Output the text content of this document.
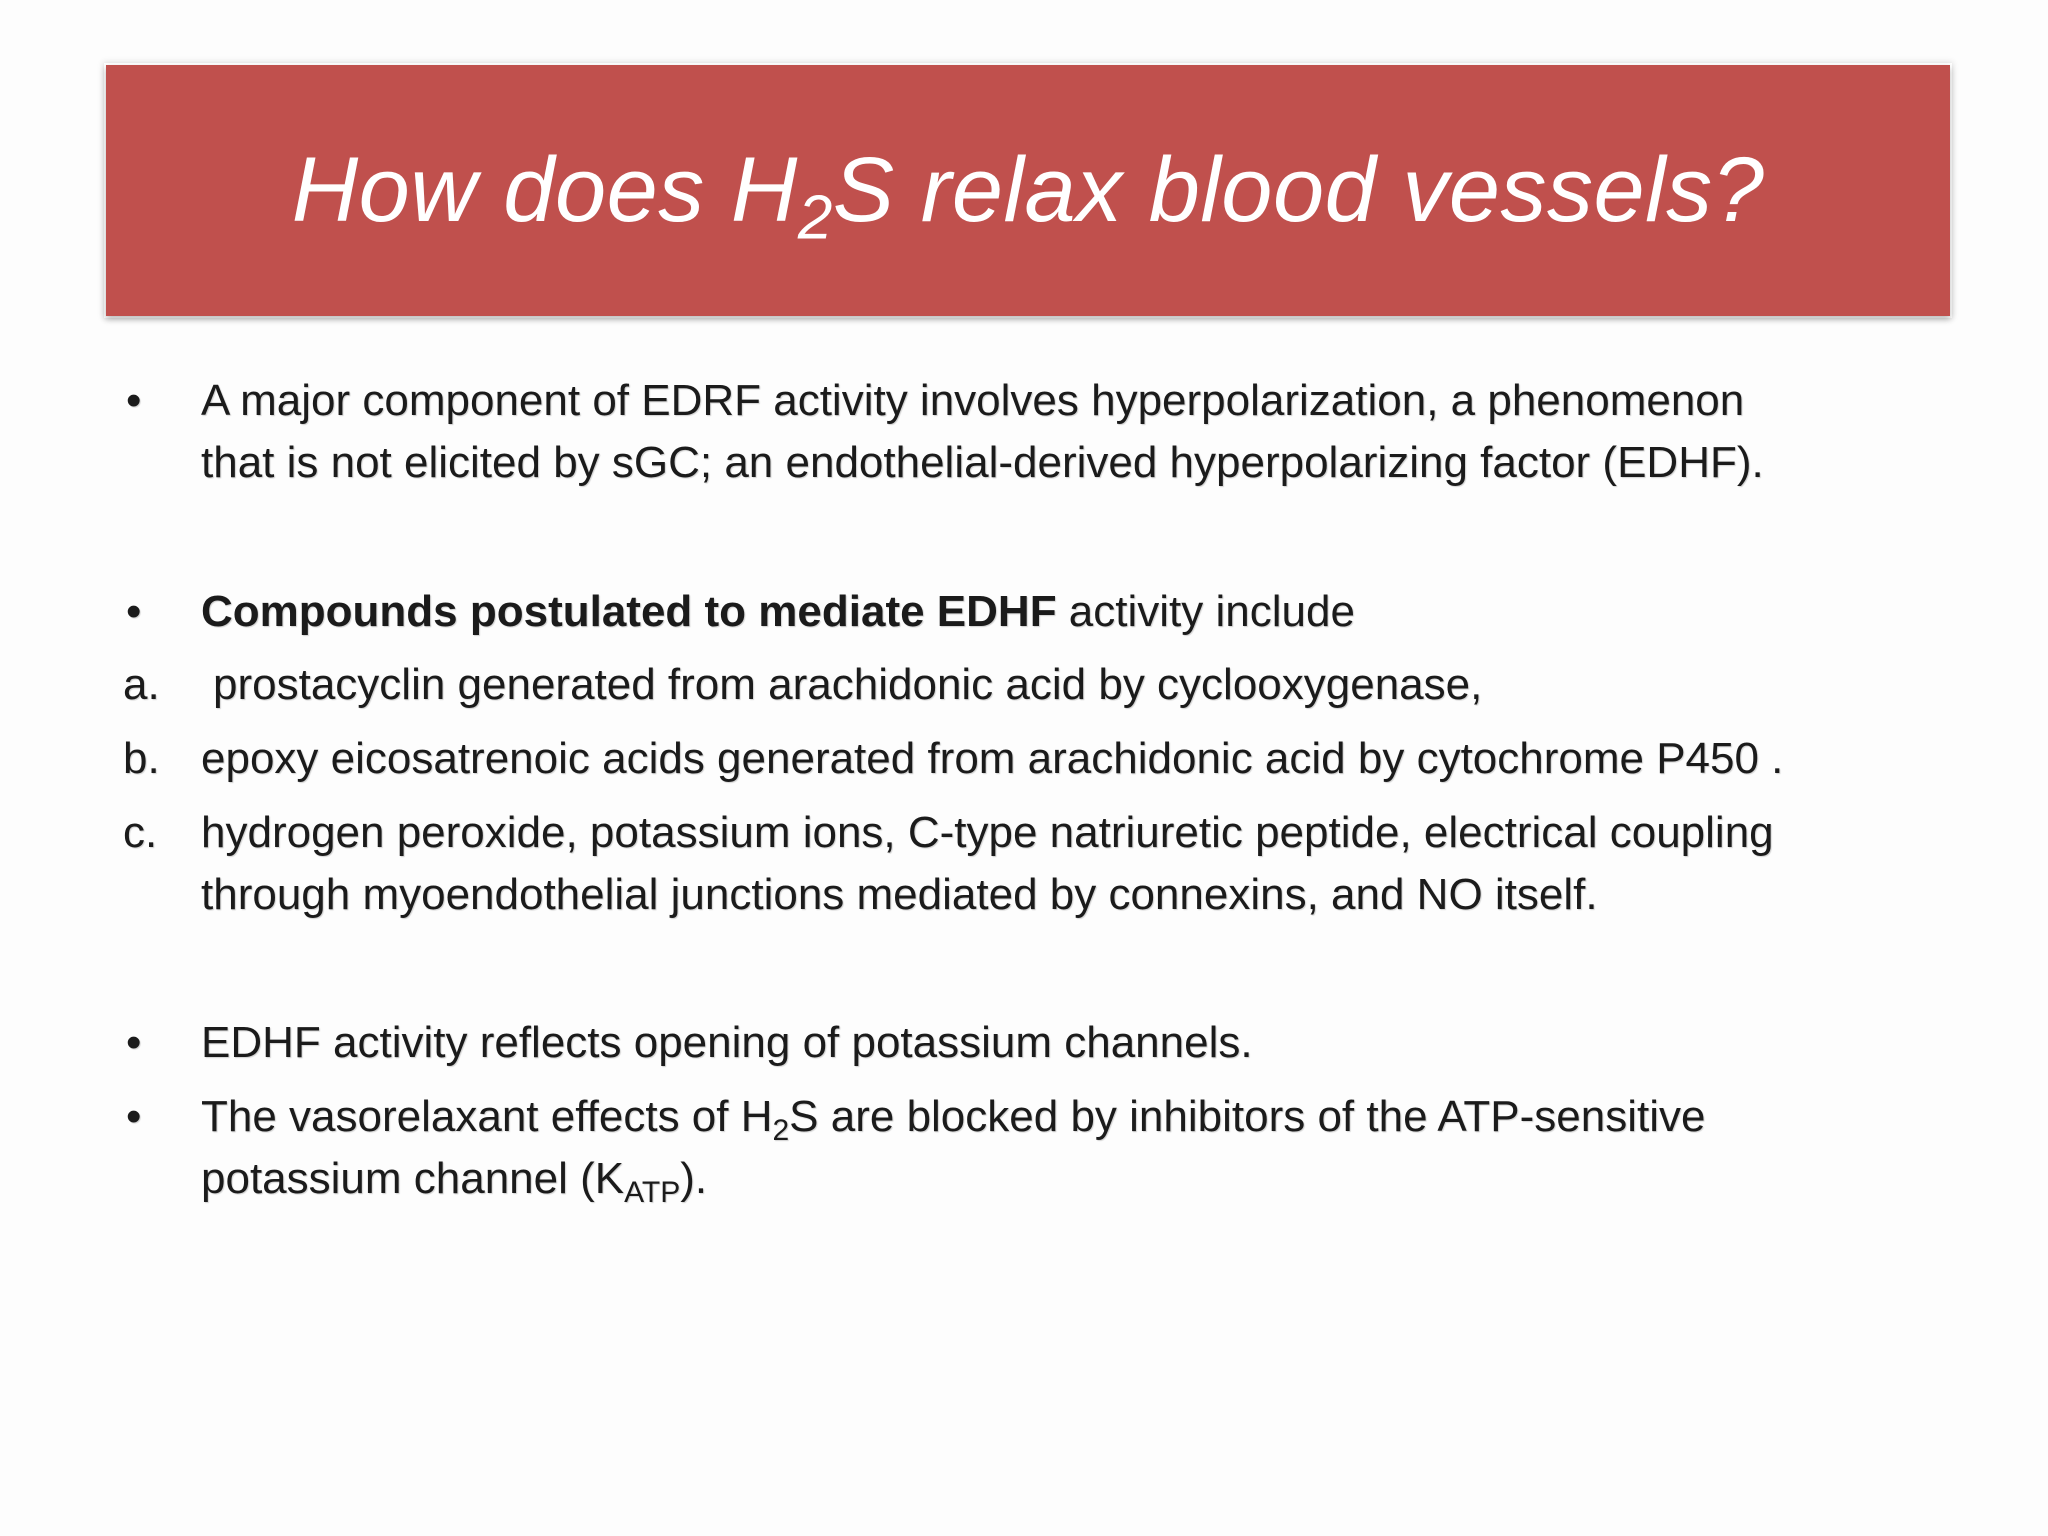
How does $H_2S$ relax blood vessels?
• A major component of EDRF activity involves hyperpolarization, a phenomenon
that is not elicited by sGC; an endothelial-derived hyperpolarizing factor (EDHF).
• Compounds postulated to mediate EDHF activity include
a. prostacyclin generated from arachidonic acid by cyclooxygenase,
b. epoxy eicosatrenoic acids generated from arachidonic acid by cytochrome P450 .
c. hydrogen peroxide, potassium ions, C-type natriuretic peptide, electrical coupling
through myoendothelial junctions mediated by connexins, and NO itself.
• EDHF activity reflects opening of potassium channels.
• The vasorelaxant effects of $H_2S$ are blocked by inhibitors of the ATP-sensitive
potassium channel $(K_{ATP})$.
